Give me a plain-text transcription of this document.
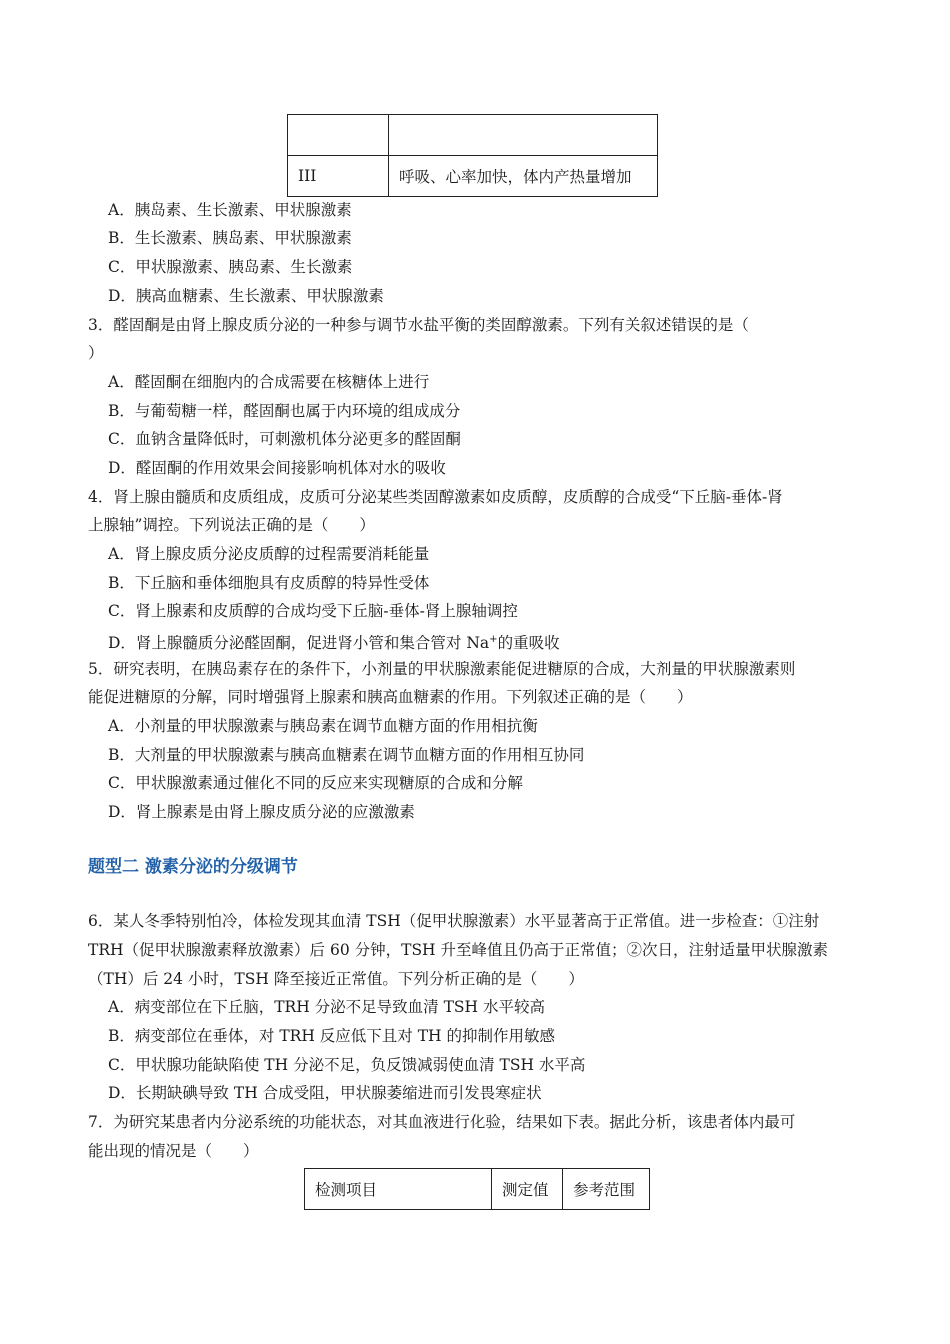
III	呼吸、心率加快，体内产热量增加
A．胰岛素、生长激素、甲状腺激素
B．生长激素、胰岛素、甲状腺激素
C．甲状腺激素、胰岛素、生长激素
D．胰高血糖素、生长激素、甲状腺激素
3．醛固酮是由肾上腺皮质分泌的一种参与调节水盐平衡的类固醇激素。下列有关叙述错误的是（
）
A．醛固酮在细胞内的合成需要在核糖体上进行
B．与葡萄糖一样，醛固酮也属于内环境的组成成分
C．血钠含量降低时，可刺激机体分泌更多的醛固酮
D．醛固酮的作用效果会间接影响机体对水的吸收
4．肾上腺由髓质和皮质组成，皮质可分泌某些类固醇激素如皮质醇，皮质醇的合成受“下丘脑-垂体-肾
上腺轴”调控。下列说法正确的是（　　）
A．肾上腺皮质分泌皮质醇的过程需要消耗能量
B．下丘脑和垂体细胞具有皮质醇的特异性受体
C．肾上腺素和皮质醇的合成均受下丘脑-垂体-肾上腺轴调控
D．肾上腺髓质分泌醛固酮，促进肾小管和集合管对 Na+的重吸收
5．研究表明，在胰岛素存在的条件下，小剂量的甲状腺激素能促进糖原的合成，大剂量的甲状腺激素则
能促进糖原的分解，同时增强肾上腺素和胰高血糖素的作用。下列叙述正确的是（　　）
A．小剂量的甲状腺激素与胰岛素在调节血糖方面的作用相抗衡
B．大剂量的甲状腺激素与胰高血糖素在调节血糖方面的作用相互协同
C．甲状腺激素通过催化不同的反应来实现糖原的合成和分解
D．肾上腺素是由肾上腺皮质分泌的应激激素
题型二 激素分泌的分级调节
6．某人冬季特别怕冷，体检发现其血清 TSH（促甲状腺激素）水平显著高于正常值。进一步检查：①注射
TRH（促甲状腺激素释放激素）后 60 分钟，TSH 升至峰值且仍高于正常值；②次日，注射适量甲状腺激素
（TH）后 24 小时，TSH 降至接近正常值。下列分析正确的是（　　）
A．病变部位在下丘脑，TRH 分泌不足导致血清 TSH 水平较高
B．病变部位在垂体，对 TRH 反应低下且对 TH 的抑制作用敏感
C．甲状腺功能缺陷使 TH 分泌不足，负反馈减弱使血清 TSH 水平高
D．长期缺碘导致 TH 合成受阻，甲状腺萎缩进而引发畏寒症状
7．为研究某患者内分泌系统的功能状态，对其血液进行化验，结果如下表。据此分析，该患者体内最可
能出现的情况是（　　）
检测项目	测定值	参考范围
